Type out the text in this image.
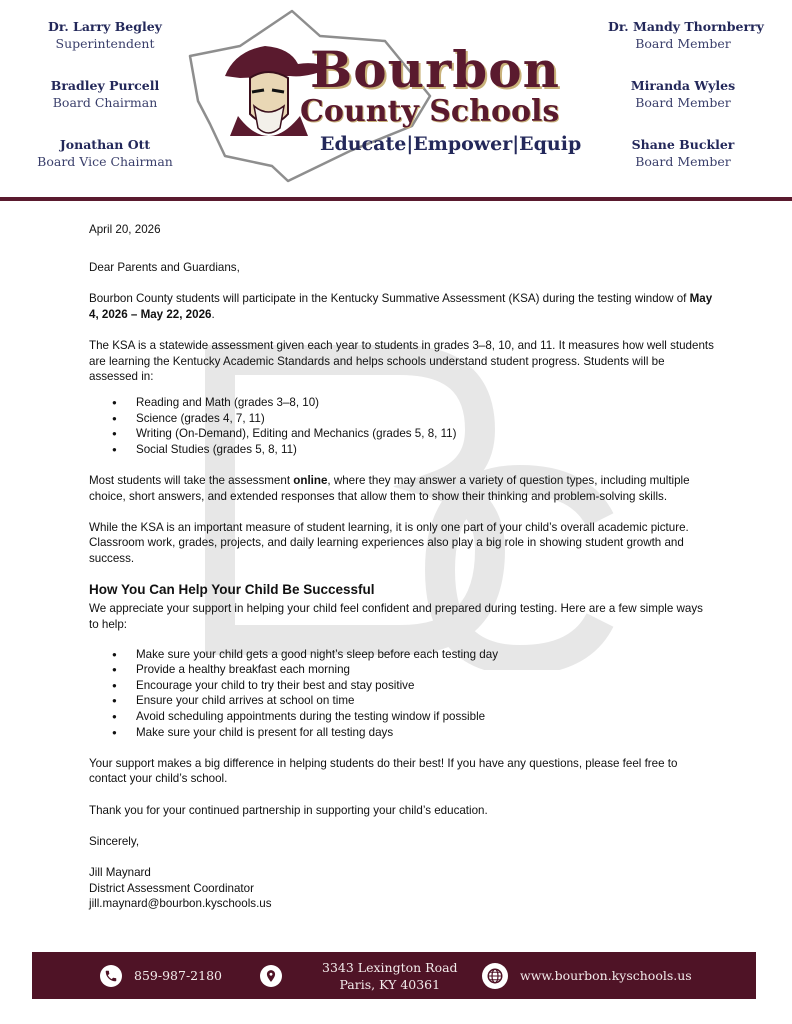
Dr. Larry Begley
Superintendent
Bradley Purcell
Board Chairman
Jonathan Ott
Board Vice Chairman
Bourbon
County Schools
Educate|Empower|Equip
Dr. Mandy Thornberry
Board Member
Miranda Wyles
Board Member
Shane Buckler
Board Member

April 20, 2026

Dear Parents and Guardians,

Bourbon County students will participate in the Kentucky Summative Assessment (KSA) during the testing window of May 4, 2026 – May 22, 2026.

The KSA is a statewide assessment given each year to students in grades 3–8, 10, and 11. It measures how well students are learning the Kentucky Academic Standards and helps schools understand student progress. Students will be assessed in:

● Reading and Math (grades 3–8, 10)
● Science (grades 4, 7, 11)
● Writing (On-Demand), Editing and Mechanics (grades 5, 8, 11)
● Social Studies (grades 5, 8, 11)

Most students will take the assessment online, where they may answer a variety of question types, including multiple choice, short answers, and extended responses that allow them to show their thinking and problem-solving skills.

While the KSA is an important measure of student learning, it is only one part of your child’s overall academic picture. Classroom work, grades, projects, and daily learning experiences also play a big role in showing student growth and success.

How You Can Help Your Child Be Successful

We appreciate your support in helping your child feel confident and prepared during testing. Here are a few simple ways to help:

● Make sure your child gets a good night’s sleep before each testing day
● Provide a healthy breakfast each morning
● Encourage your child to try their best and stay positive
● Ensure your child arrives at school on time
● Avoid scheduling appointments during the testing window if possible
● Make sure your child is present for all testing days

Your support makes a big difference in helping students do their best! If you have any questions, please feel free to contact your child’s school.

Thank you for your continued partnership in supporting your child’s education.

Sincerely,

Jill Maynard

District Assessment Coordinator

jill.maynard@bourbon.kyschools.us

859-987-2180
3343 Lexington Road
Paris, KY 40361
www.bourbon.kyschools.us
